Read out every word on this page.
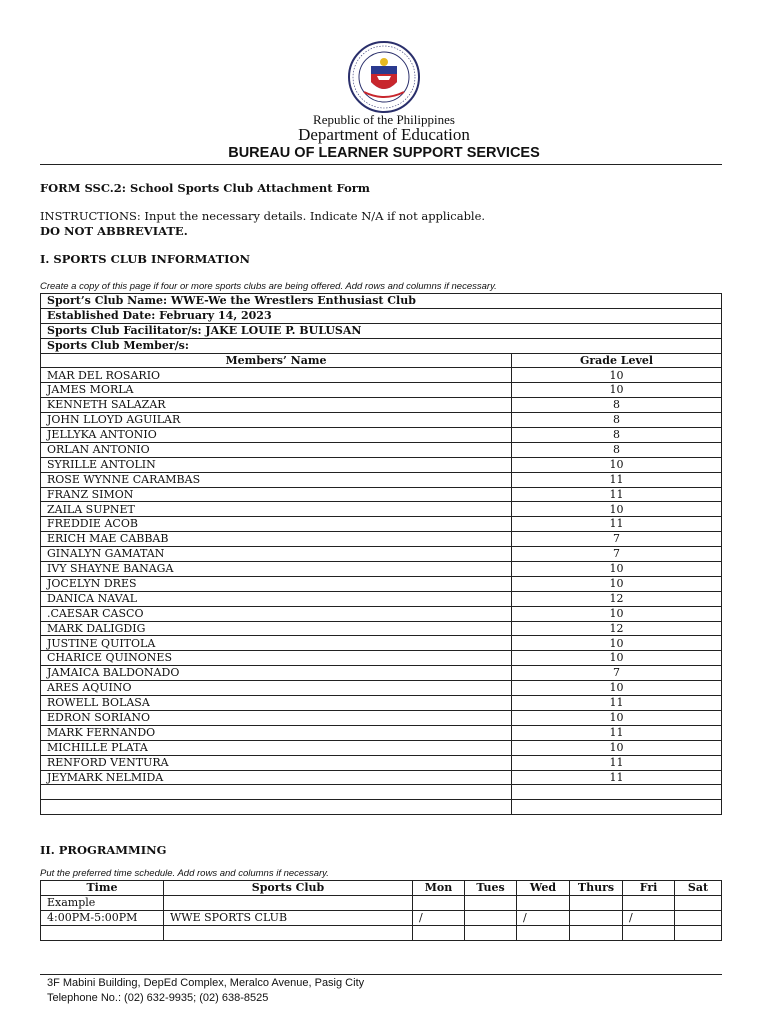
Republic of the Philippines
Department of Education
BUREAU OF LEARNER SUPPORT SERVICES
FORM SSC.2: School Sports Club Attachment Form
INSTRUCTIONS: Input the necessary details. Indicate N/A if not applicable.
DO NOT ABBREVIATE.
I. SPORTS CLUB INFORMATION
Create a copy of this page if four or more sports clubs are being offered. Add rows and columns if necessary.
Sport’s Club Name: WWE-We the Wrestlers Enthusiast Club	
Established Date: February 14, 2023	
Sports Club Facilitator/s: JAKE LOUIE P. BULUSAN	
Sports Club Member/s:	
Members’ Name	Grade Level
MAR DEL ROSARIO	10
JAMES MORLA	10
KENNETH SALAZAR	8
JOHN LLOYD AGUILAR	8
JELLYKA ANTONIO	8
ORLAN ANTONIO	8
SYRILLE ANTOLIN	10
ROSE WYNNE CARAMBAS	11
FRANZ SIMON	11
ZAILA SUPNET	10
FREDDIE ACOB	11
ERICH MAE CABBAB	7
GINALYN GAMATAN	7
IVY SHAYNE BANAGA	10
JOCELYN DRES	10
DANICA NAVAL	12
.CAESAR CASCO	10
MARK DALIGDIG	12
JUSTINE QUITOLA	10
CHARICE QUINONES	10
JAMAICA BALDONADO	7
ARES AQUINO	10
ROWELL BOLASA	11
EDRON SORIANO	10
MARK FERNANDO	11
MICHILLE PLATA	10
RENFORD VENTURA	11
JEYMARK NELMIDA	11

II. PROGRAMMING
Put the preferred time schedule. Add rows and columns if necessary.
Time	Sports Club	Mon	Tues	Wed	Thurs	Fri	Sat
Example							
4:00PM-5:00PM	WWE SPORTS CLUB	/		/		/	

3F Mabini Building, DepEd Complex, Meralco Avenue, Pasig City
Telephone No.: (02) 632-9935; (02) 638-8525
